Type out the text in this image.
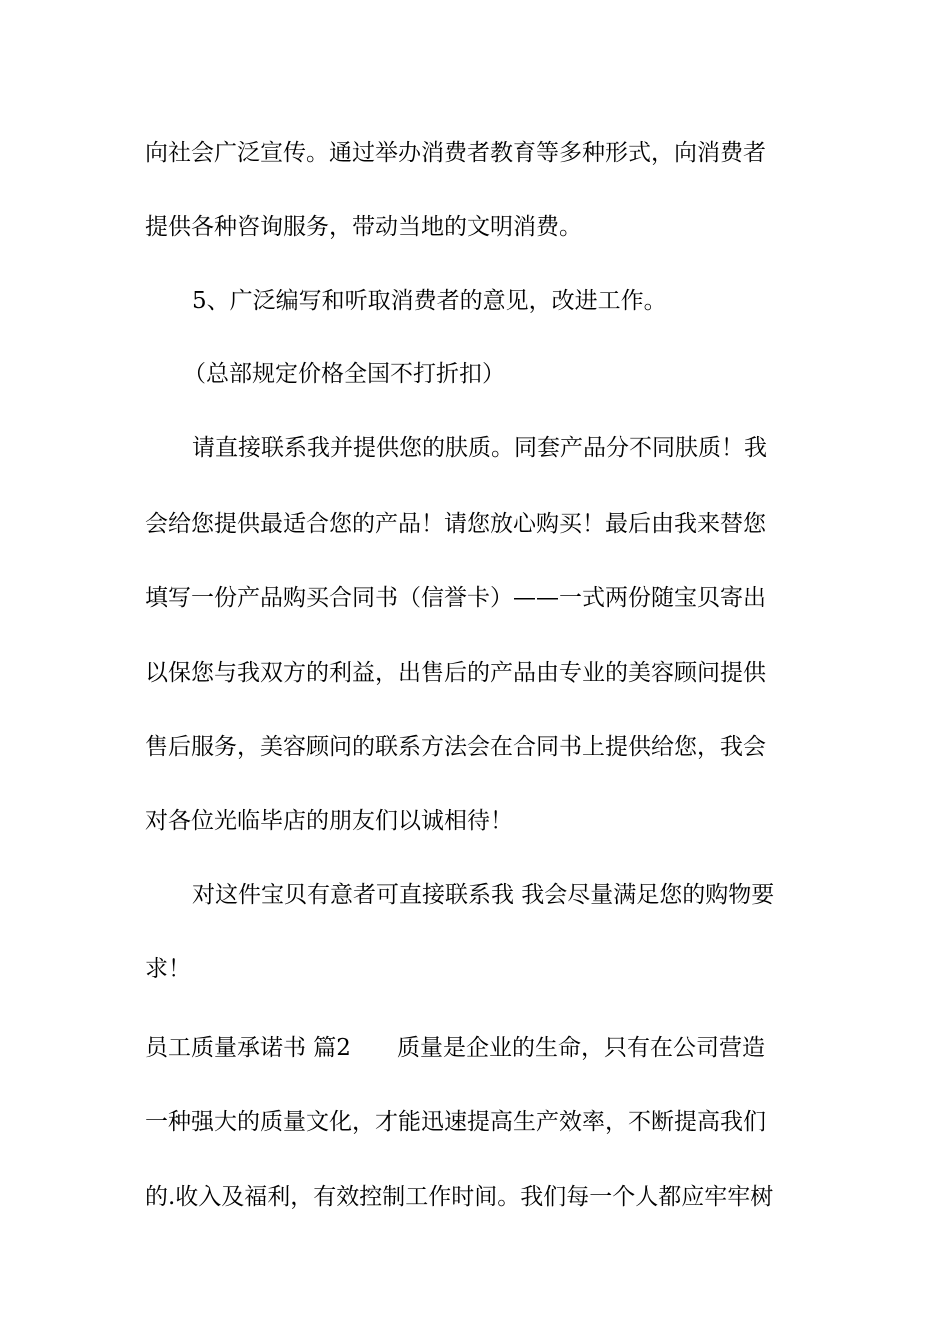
向社会广泛宣传。通过举办消费者教育等多种形式，向消费者
提供各种咨询服务，带动当地的文明消费。
5、广泛编写和听取消费者的意见，改进工作。
（总部规定价格全国不打折扣）
请直接联系我并提供您的肤质。同套产品分不同肤质！我
会给您提供最适合您的产品！请您放心购买！最后由我来替您
填写一份产品购买合同书（信誉卡）——一式两份随宝贝寄出
以保您与我双方的利益，出售后的产品由专业的美容顾问提供
售后服务，美容顾问的联系方法会在合同书上提供给您，我会
对各位光临毕店的朋友们以诚相待！
对这件宝贝有意者可直接联系我 我会尽量满足您的购物要
求！
员工质量承诺书 篇2　　质量是企业的生命，只有在公司营造
一种强大的质量文化，才能迅速提高生产效率，不断提高我们
的.收入及福利，有效控制工作时间。我们每一个人都应牢牢树
